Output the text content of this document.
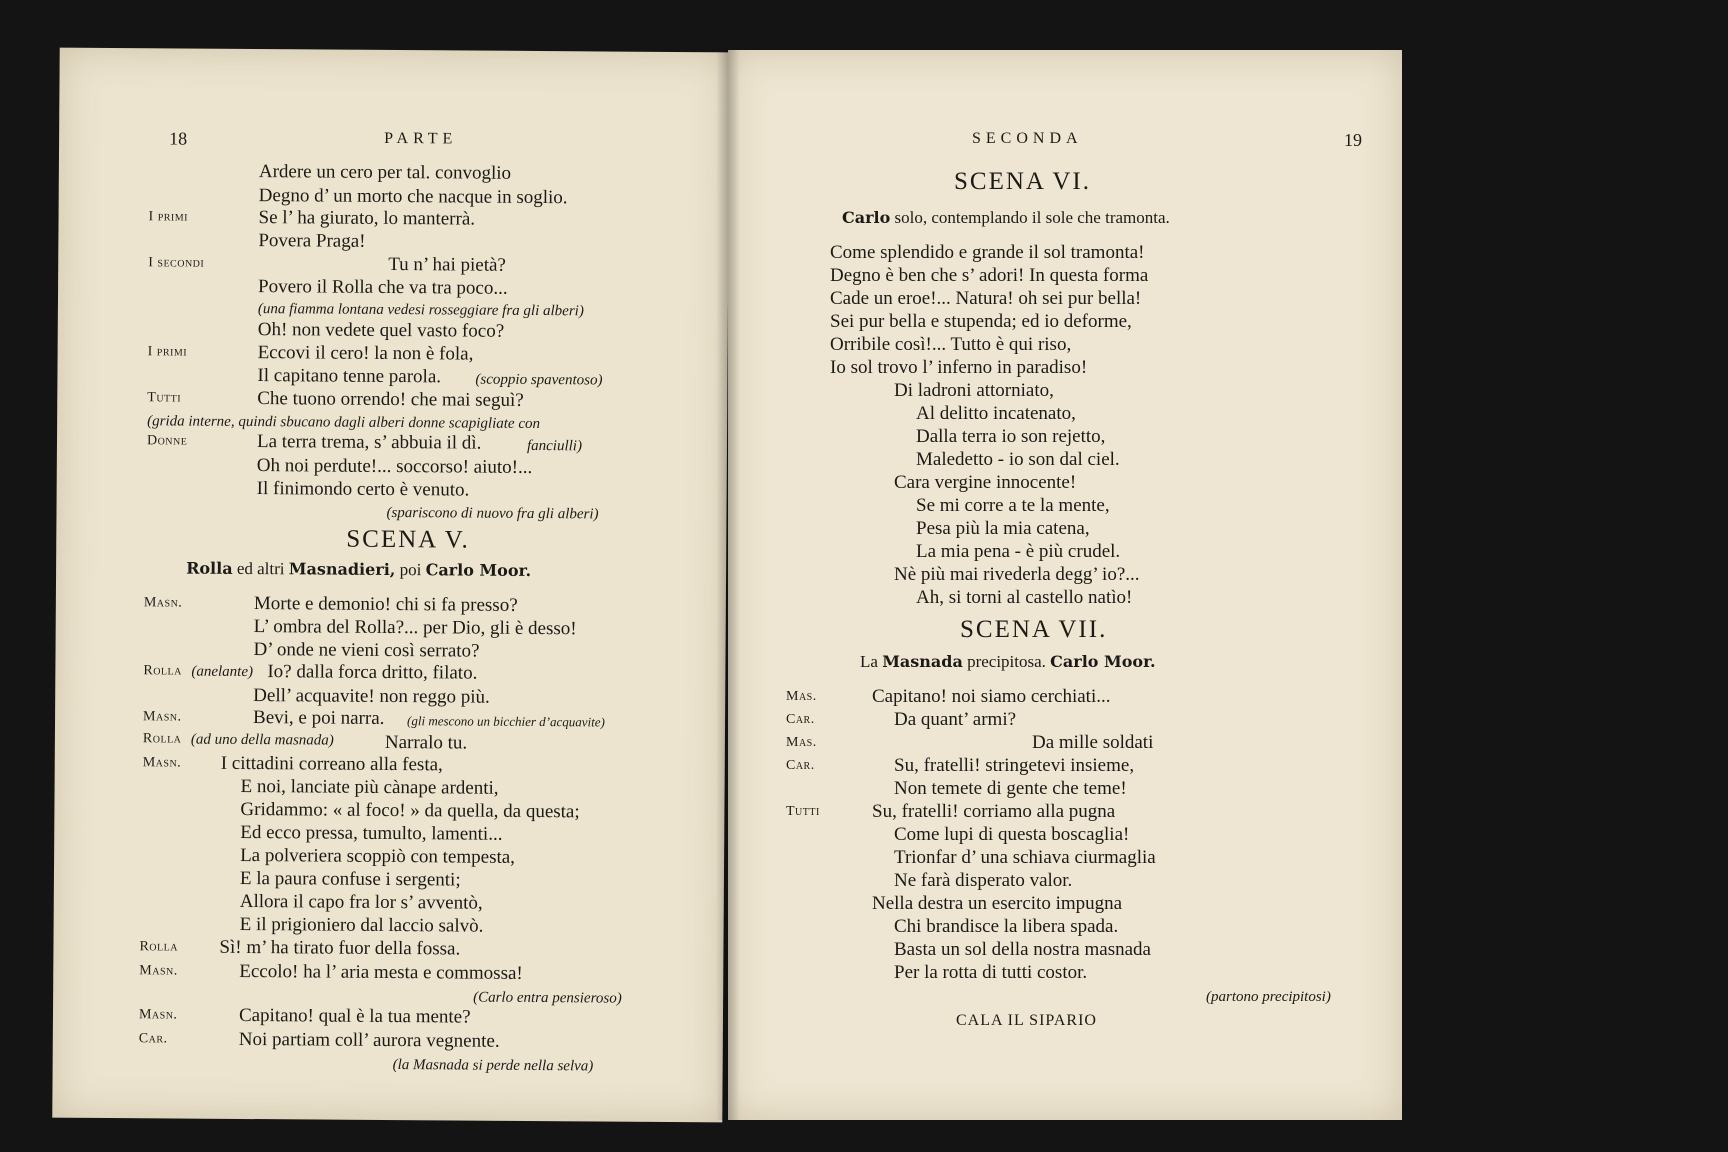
18	PARTE
Ardere un cero per tal. convoglio
Degno d’ un morto che nacque in soglio.
I primi	Se l’ ha giurato, lo manterrà.
Povera Praga!
I secondi	Tu n’ hai pietà?
Povero il Rolla che va tra poco...
(una fiamma lontana vedesi rosseggiare fra gli alberi)
Oh! non vedete quel vasto foco?
I primi	Eccovi il cero! la non è fola,
Il capitano tenne parola. (scoppio spaventoso)
Tutti	Che tuono orrendo! che mai seguì?
(grida interne, quindi sbucano dagli alberi donne scapigliate con
Donne	La terra trema, s’ abbuia il dì.	fanciulli)
Oh noi perdute!... soccorso! aiuto!...
Il finimondo certo è venuto.
(spariscono di nuovo fra gli alberi)
SCENA V.
Rolla ed altri Masnadieri, poi Carlo Moor.
Masn.	Morte e demonio! chi si fa presso?
L’ ombra del Rolla?... per Dio, gli è desso!
D’ onde ne vieni così serrato?
Rolla (anelante) Io? dalla forca dritto, filato.
Dell’ acquavite! non reggo più.
Masn.	Bevi, e poi narra. (gli mescono un bicchier d’acquavite)
Rolla (ad uno della masnada)	Narralo tu.
Masn. I cittadini correano alla festa,
E noi, lanciate più cànape ardenti,
Gridammo: « al foco! » da quella, da questa;
Ed ecco pressa, tumulto, lamenti...
La polveriera scoppiò con tempesta,
E la paura confuse i sergenti;
Allora il capo fra lor s’ avventò,
E il prigioniero dal laccio salvò.
Rolla Sì! m’ ha tirato fuor della fossa.
Masn.	Eccolo! ha l’ aria mesta e commossa!
(Carlo entra pensieroso)
Masn.	Capitano! qual è la tua mente?
Car.	Noi partiam coll’ aurora vegnente.
(la Masnada si perde nella selva)
SECONDA	19
SCENA VI.
Carlo solo, contemplando il sole che tramonta.
Come splendido e grande il sol tramonta!
Degno è ben che s’ adori! In questa forma
Cade un eroe!... Natura! oh sei pur bella!
Sei pur bella e stupenda; ed io deforme,
Orribile così!... Tutto è qui riso,
Io sol trovo l’ inferno in paradiso!
Di ladroni attorniato,
Al delitto incatenato,
Dalla terra io son rejetto,
Maledetto - io son dal ciel.
Cara vergine innocente!
Se mi corre a te la mente,
Pesa più la mia catena,
La mia pena - è più crudel.
Nè più mai rivederla degg’ io?...
Ah, si torni al castello natìo!
SCENA VII.
La Masnada precipitosa. Carlo Moor.
Mas.	Capitano! noi siamo cerchiati...
Car.	Da quant’ armi?
Mas.	Da mille soldati
Car.	Su, fratelli! stringetevi insieme,
Non temete di gente che teme!
Tutti	Su, fratelli! corriamo alla pugna
Come lupi di questa boscaglia!
Trionfar d’ una schiava ciurmaglia
Ne farà disperato valor.
Nella destra un esercito impugna
Chi brandisce la libera spada.
Basta un sol della nostra masnada
Per la rotta di tutti costor.
(partono precipitosi)
CALA IL SIPARIO
